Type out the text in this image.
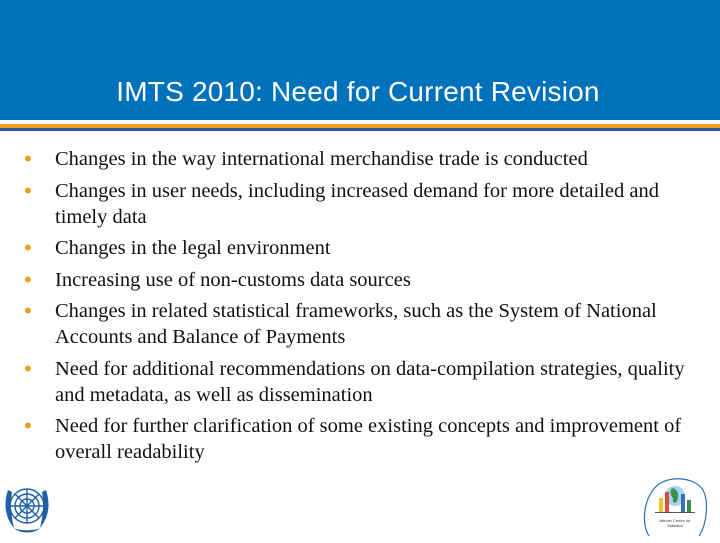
IMTS 2010: Need for Current Revision
• Changes in the way international merchandise trade is conducted
• Changes in user needs, including increased demand for more detailed and timely data
• Changes in the legal environment
• Increasing use of non-customs data sources
• Changes in related statistical frameworks, such as the System of National Accounts and Balance of Payments
• Need for additional recommendations on data-compilation strategies, quality and metadata, as well as dissemination
• Need for further clarification of some existing concepts and improvement of overall readability
African Centre for Statistics
